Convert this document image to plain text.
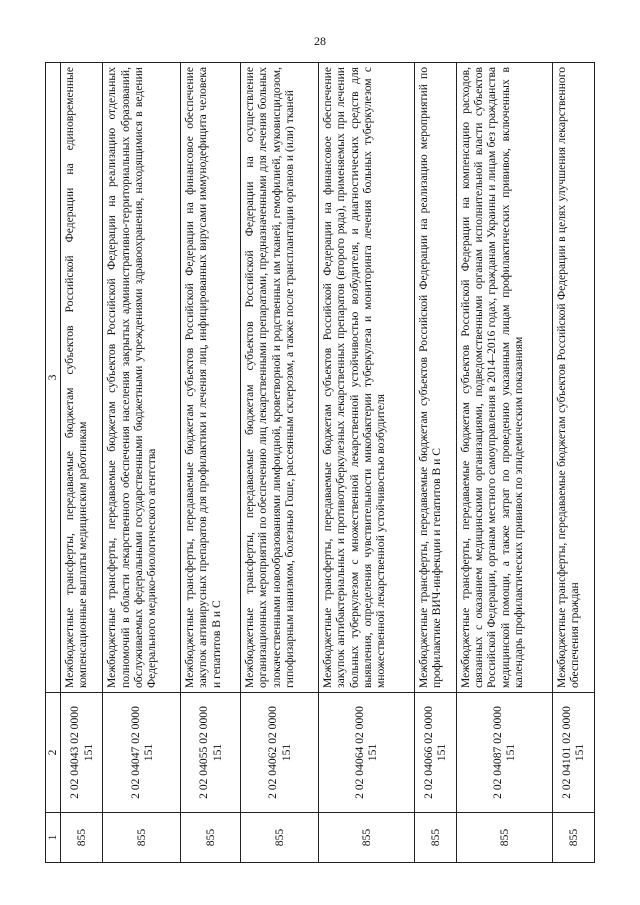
28
1	2	3
855	2 02 04043 02 0000 151	Межбюджетные трансферты, передаваемые бюджетам субъектов Российской Федерации на единовременные компенсационные выплаты медицинским работникам
855	2 02 04047 02 0000 151	Межбюджетные трансферты, передаваемые бюджетам субъектов Российской Федерации на реализацию отдельных полномочий в области лекарственного обеспечения населения закрытых административно-территориальных образований, обслуживаемых федеральными государственными бюджетными учреждениями здравоохранения, находящимися в ведении Федерального медико-биологического агентства
855	2 02 04055 02 0000 151	Межбюджетные трансферты, передаваемые бюджетам субъектов Российской Федерации на финансовое обеспечение закупок антивирусных препаратов для профилактики и лечения лиц, инфицированных вирусами иммунодефицита человека и гепатитов В и С
855	2 02 04062 02 0000 151	Межбюджетные трансферты, передаваемые бюджетам субъектов Российской Федерации на осуществление организационных мероприятий по обеспечению лиц лекарственными препаратами, предназначенными для лечения больных злокачественными новообразованиями лимфоидной, кроветворной и родственных им тканей, гемофилией, муковисцидозом, гипофизарным нанизмом, болезнью Гоше, рассеянным склерозом, а также после трансплантации органов и (или) тканей
855	2 02 04064 02 0000 151	Межбюджетные трансферты, передаваемые бюджетам субъектов Российской Федерации на финансовое обеспечение закупок антибактериальных и противотуберкулезных лекарственных препаратов (второго ряда), применяемых при лечении больных туберкулезом с множественной лекарственной устойчивостью возбудителя, и диагностических средств для выявления, определения чувствительности микобактерии туберкулеза и мониторинга лечения больных туберкулезом с множественной лекарственной устойчивостью возбудителя
855	2 02 04066 02 0000 151	Межбюджетные трансферты, передаваемые бюджетам субъектов Российской Федерации на реализацию мероприятий по профилактике ВИЧ-инфекции и гепатитов В и С
855	2 02 04087 02 0000 151	Межбюджетные трансферты, передаваемые бюджетам субъектов Российской Федерации на компенсацию расходов, связанных с оказанием медицинскими организациями, подведомственными органам исполнительной власти субъектов Российской Федерации, органам местного самоуправления в 2014–2016 годах, гражданам Украины и лицам без гражданства медицинской помощи, а также затрат по проведению указанным лицам профилактических прививок, включенных в календарь профилактических прививок по эпидемическим показаниям
855	2 02 04101 02 0000 151	Межбюджетные трансферты, передаваемые бюджетам субъектов Российской Федерации в целях улучшения лекарственного обеспечения граждан
